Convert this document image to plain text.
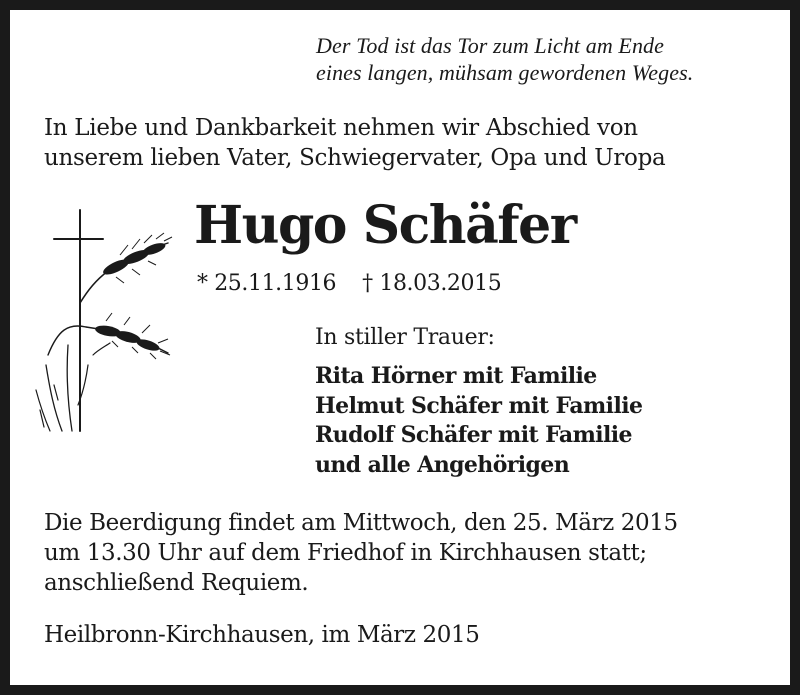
Der Tod ist das Tor zum Licht am Ende
eines langen, mühsam gewordenen Weges.
In Liebe und Dankbarkeit nehmen wir Abschied von
unserem lieben Vater, Schwiegervater, Opa und Uropa
Hugo Schäfer
* 25.11.1916 † 18.03.2015
In stiller Trauer:
Rita Hörner mit Familie
Helmut Schäfer mit Familie
Rudolf Schäfer mit Familie
und alle Angehörigen
Die Beerdigung findet am Mittwoch, den 25. März 2015
um 13.30 Uhr auf dem Friedhof in Kirchhausen statt;
anschließend Requiem.
Heilbronn-Kirchhausen, im März 2015
